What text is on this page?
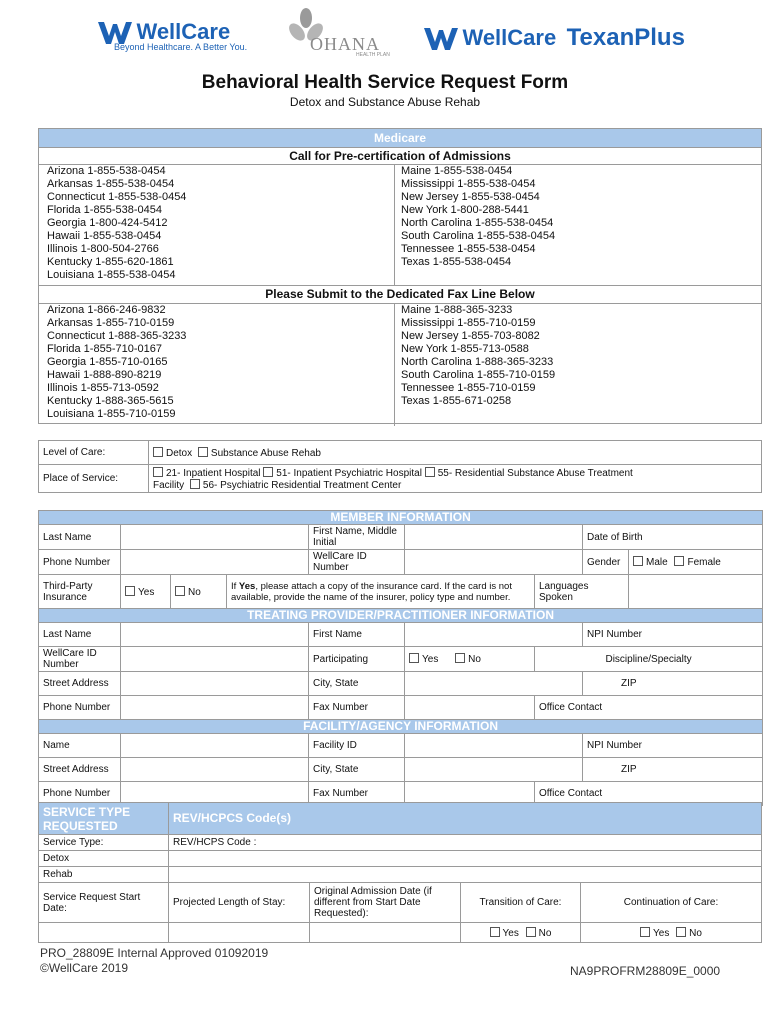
WellCare
Beyond Healthcare. A Better You.	OHANA
HEALTH PLAN
WellCare TexanPlus
Behavioral Health Service Request Form
Detox and Substance Abuse Rehab
Medicare
Call for Pre-certification of Admissions
Arizona 1-855-538-0454
Arkansas 1-855-538-0454
Connecticut 1-855-538-0454
Florida 1-855-538-0454
Georgia 1-800-424-5412
Hawaii 1-855-538-0454
Illinois 1-800-504-2766
Kentucky 1-855-620-1861
Louisiana 1-855-538-0454
Maine 1-855-538-0454
Mississippi 1-855-538-0454
New Jersey 1-855-538-0454
New York 1-800-288-5441
North Carolina 1-855-538-0454
South Carolina 1-855-538-0454
Tennessee 1-855-538-0454
Texas 1-855-538-0454
Please Submit to the Dedicated Fax Line Below
Arizona 1-866-246-9832
Arkansas 1-855-710-0159
Connecticut 1-888-365-3233
Florida 1-855-710-0167
Georgia 1-855-710-0165
Hawaii 1-888-890-8219
Illinois 1-855-713-0592
Kentucky 1-888-365-5615
Louisiana 1-855-710-0159
Maine 1-888-365-3233
Mississippi 1-855-710-0159
New Jersey 1-855-703-8082
New York 1-855-713-0588
North Carolina 1-888-365-3233
South Carolina 1-855-710-0159
Tennessee 1-855-710-0159
Texas 1-855-671-0258
Level of Care:	Detox Substance Abuse Rehab
Place of Service:	21- Inpatient Hospital 51- Inpatient Psychiatric Hospital 55- Residential Substance Abuse Treatment
Facility 56- Psychiatric Residential Treatment Center
MEMBER INFORMATION								
Last Name				First Name, Middle Initial			Date of Birth	
Phone Number				WellCare ID Number			Gender	Male Female
Third-Party Insurance	Yes	No	If Yes, please attach a copy of the insurance card. If the card is not available, provide the name of the insurer, policy type and number.			Languages Spoken		
TREATING PROVIDER/PRACTITIONER INFORMATION								
Last Name				First Name			NPI Number	
WellCare ID Number				Participating	Yes No	Discipline/Specialty		
Street Address				City, State			ZIP	
Phone Number				Fax Number		Office Contact		
FACILITY/AGENCY INFORMATION								
Name				Facility ID			NPI Number	
Street Address				City, State			ZIP	
Phone Number				Fax Number		Office Contact		
SERVICE TYPE REQUESTED	REV/HCPCS Code(s)			
Service Type:	REV/HCPS Code :			
Detox				
Rehab				
Service Request Start Date:	Projected Length of Stay:	Original Admission Date (if different from Start Date Requested):	Transition of Care:	Continuation of Care:
			Yes No	Yes No
PRO_28809E Internal Approved 01092019
©WellCare 2019	NA9PROFRM28809E_0000
